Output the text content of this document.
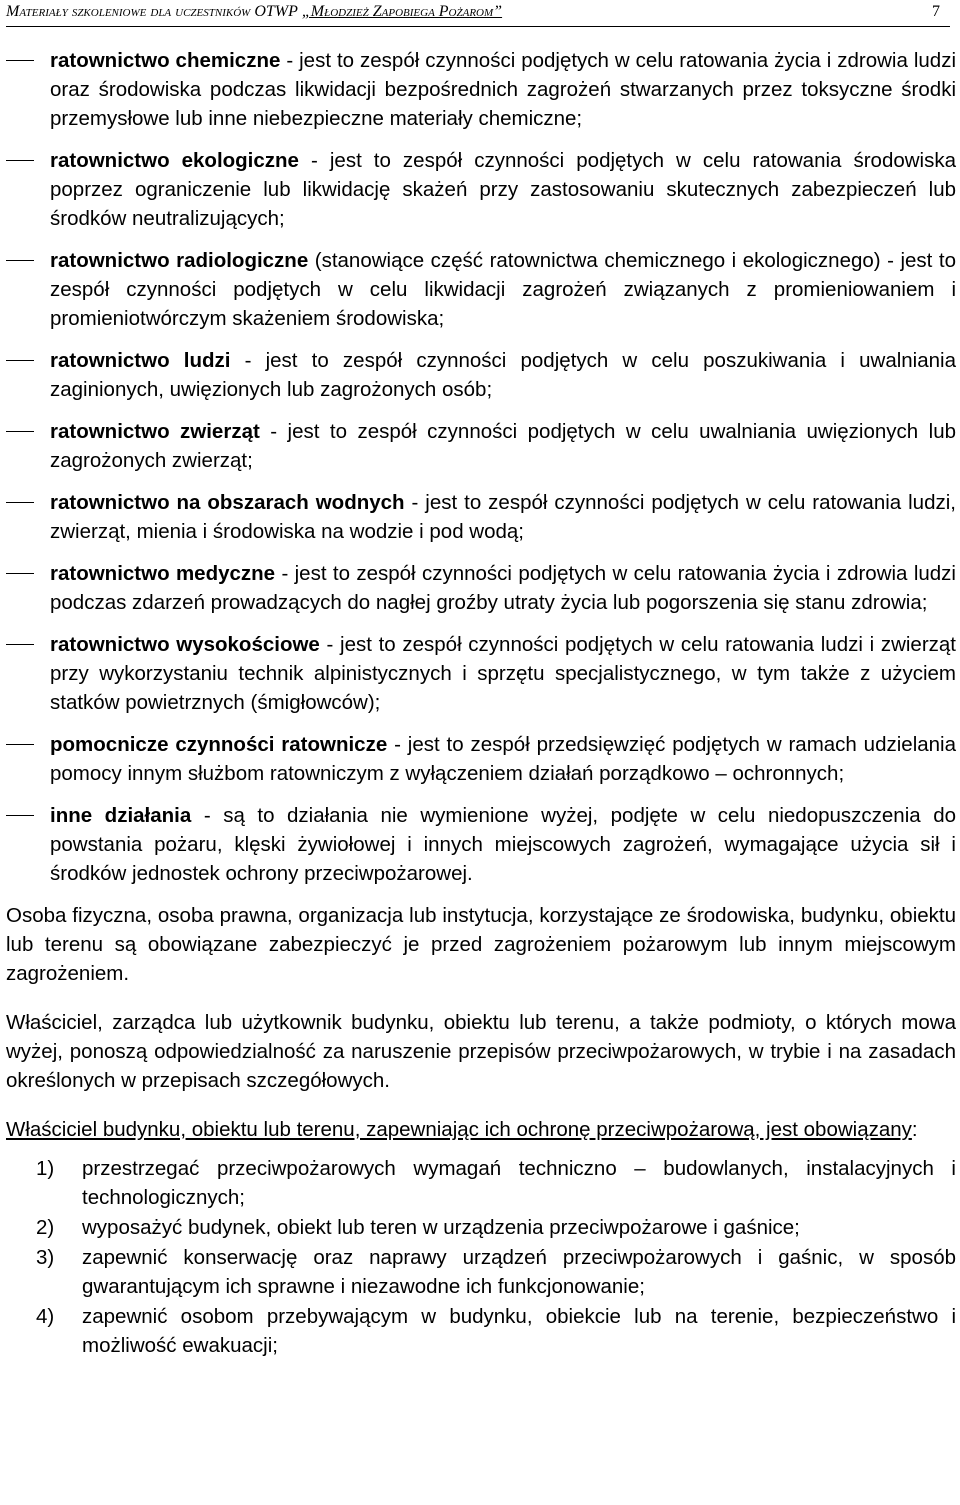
Materiały szkoleniowe dla uczestników OTWP „Młodzież Zapobiega Pożarom”	7
ratownictwo chemiczne - jest to zespół czynności podjętych w celu ratowania życia i zdrowia ludzi oraz środowiska podczas likwidacji bezpośrednich zagrożeń stwarzanych przez toksyczne środki przemysłowe lub inne niebezpieczne materiały chemiczne;
ratownictwo ekologiczne - jest to zespół czynności podjętych w celu ratowania środowiska poprzez ograniczenie lub likwidację skażeń przy zastosowaniu skutecznych zabezpieczeń lub środków neutralizujących;
ratownictwo radiologiczne (stanowiące część ratownictwa chemicznego i ekologicznego) - jest to zespół czynności podjętych w celu likwidacji zagrożeń związanych z promieniowaniem i promieniotwórczym skażeniem środowiska;
ratownictwo ludzi - jest to zespół czynności podjętych w celu poszukiwania i uwalniania zaginionych, uwięzionych lub zagrożonych osób;
ratownictwo zwierząt - jest to zespół czynności podjętych w celu uwalniania uwięzionych lub zagrożonych zwierząt;
ratownictwo na obszarach wodnych - jest to zespół czynności podjętych w celu ratowania ludzi, zwierząt, mienia i środowiska na wodzie i pod wodą;
ratownictwo medyczne - jest to zespół czynności podjętych w celu ratowania życia i zdrowia ludzi podczas zdarzeń prowadzących do nagłej groźby utraty życia lub pogorszenia się stanu zdrowia;
ratownictwo wysokościowe - jest to zespół czynności podjętych w celu ratowania ludzi i zwierząt przy wykorzystaniu technik alpinistycznych i sprzętu specjalistycznego, w tym także z użyciem statków powietrznych (śmigłowców);
pomocnicze czynności ratownicze - jest to zespół przedsięwzięć podjętych w ramach udzielania pomocy innym służbom ratowniczym z wyłączeniem działań porządkowo – ochronnych;
inne działania - są to działania nie wymienione wyżej, podjęte w celu niedopuszczenia do powstania pożaru, klęski żywiołowej i innych miejscowych zagrożeń, wymagające użycia sił i środków jednostek ochrony przeciwpożarowej.

Osoba fizyczna, osoba prawna, organizacja lub instytucja, korzystające ze środowiska, budynku, obiektu lub terenu są obowiązane zabezpieczyć je przed zagrożeniem pożarowym lub innym miejscowym zagrożeniem.

Właściciel, zarządca lub użytkownik budynku, obiektu lub terenu, a także podmioty, o których mowa wyżej, ponoszą odpowiedzialność za naruszenie przepisów przeciwpożarowych, w trybie i na zasadach określonych w przepisach szczegółowych.

Właściciel budynku, obiektu lub terenu, zapewniając ich ochronę przeciwpożarową, jest obowiązany:

1) przestrzegać przeciwpożarowych wymagań techniczno – budowlanych, instalacyjnych i technologicznych;
2) wyposażyć budynek, obiekt lub teren w urządzenia przeciwpożarowe i gaśnice;
3) zapewnić konserwację oraz naprawy urządzeń przeciwpożarowych i gaśnic, w sposób gwarantującym ich sprawne i niezawodne ich funkcjonowanie;
4) zapewnić osobom przebywającym w budynku, obiekcie lub na terenie, bezpieczeństwo i możliwość ewakuacji;
